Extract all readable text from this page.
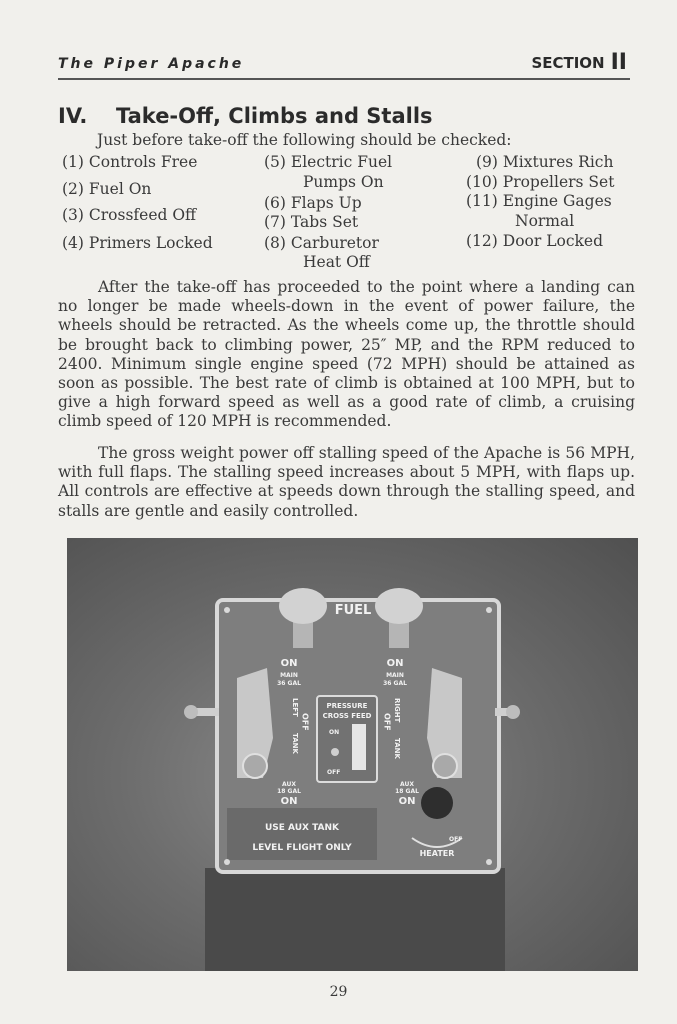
The Piper Apache	SECTION II
IV. Take-Off, Climbs and Stalls
Just before take-off the following should be checked:
(1) Controls Free
(2) Fuel On
(3) Crossfeed Off
(4) Primers Locked
(5) Electric Fuel
Pumps On
(6) Flaps Up
(7) Tabs Set
(8) Carburetor
Heat Off
(9) Mixtures Rich
(10) Propellers Set
(11) Engine Gages
Normal
(12) Door Locked

After the take-off has proceeded to the point where a landing can no longer be made wheels-down in the event of power failure, the wheels should be retracted. As the wheels come up, the throttle should be brought back to climbing power, 25″ MP, and the RPM reduced to 2400. Minimum single engine speed (72 MPH) should be attained as soon as possible. The best rate of climb is obtained at 100 MPH, but to give a high forward speed as well as a good rate of climb, a cruising climb speed of 120 MPH is recommended.

The gross weight power off stalling speed of the Apache is 56 MPH, with full flaps. The stalling speed increases about 5 MPH, with flaps up. All controls are effective at speeds down through the stalling speed, and stalls are gentle and easily controlled.

FUEL
ON
MAIN
36 GAL
LEFT
OFF
TANK
AUX
18 GAL
ON
ON
MAIN
36 GAL
RIGHT
OFF
TANK
AUX
18 GAL
ON
PRESSURE
CROSS FEED
ON
OFF
USE AUX TANK
LEVEL FLIGHT ONLY
OFF
HEATER
29
